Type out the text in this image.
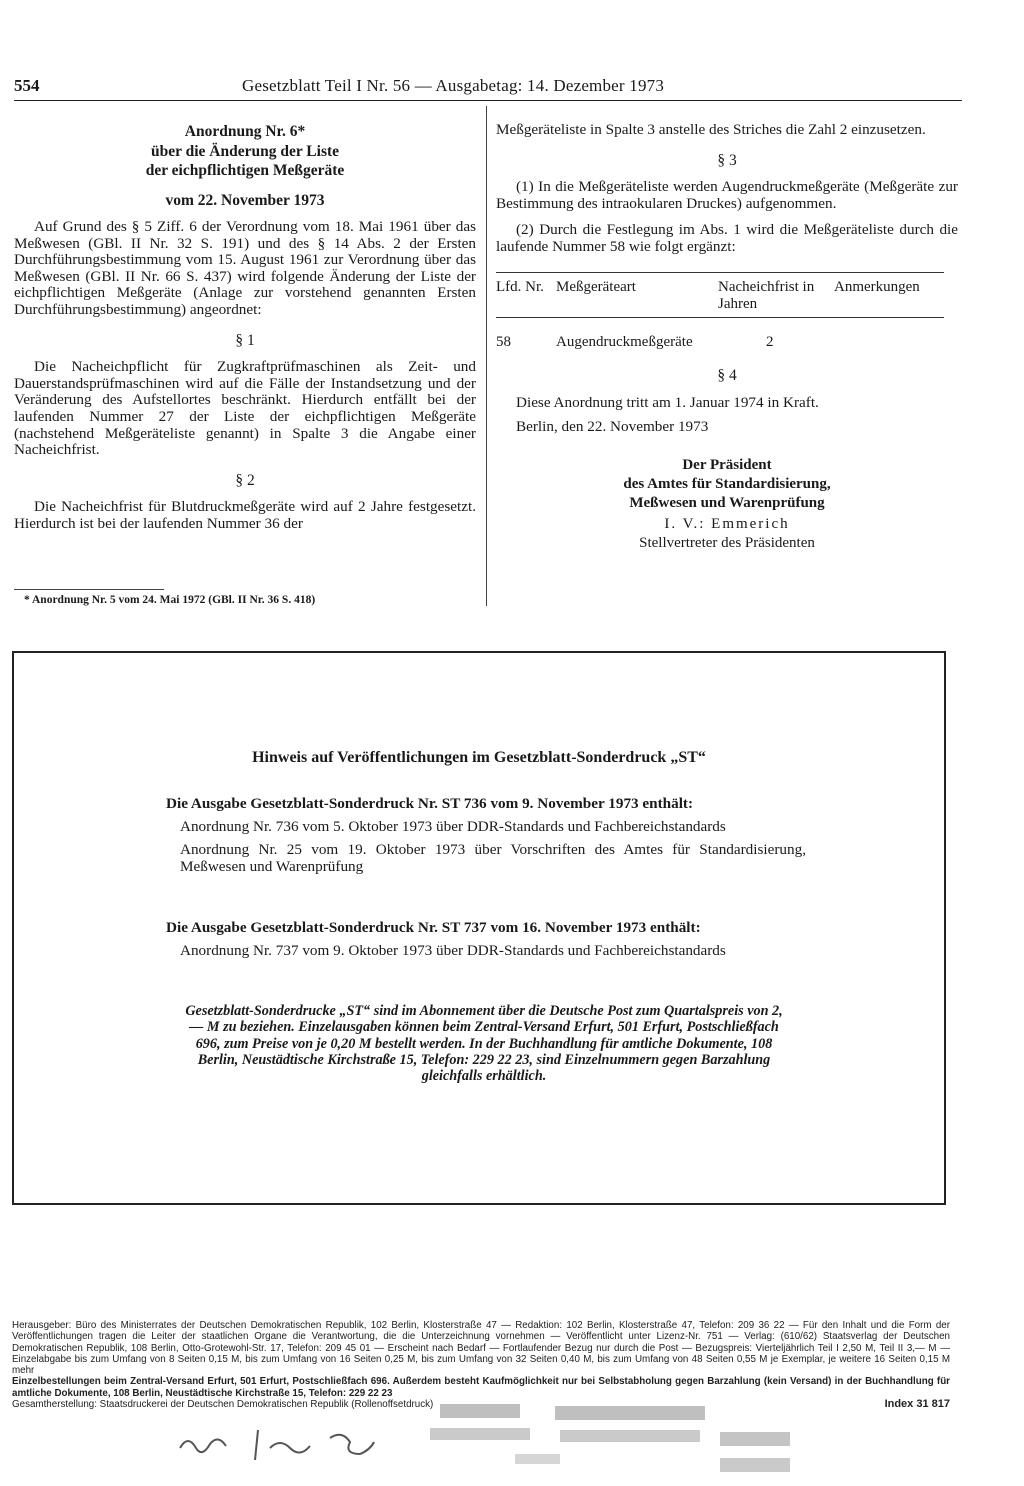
554	Gesetzblatt Teil I Nr. 56 — Ausgabetag: 14. Dezember 1973
Anordnung Nr. 6*
über die Änderung der Liste
der eichpflichtigen Meßgeräte
vom 22. November 1973

Auf Grund des § 5 Ziff. 6 der Verordnung vom 18. Mai 1961 über das Meßwesen (GBl. II Nr. 32 S. 191) und des § 14 Abs. 2 der Ersten Durchführungsbestimmung vom 15. August 1961 zur Verordnung über das Meßwesen (GBl. II Nr. 66 S. 437) wird folgende Änderung der Liste der eichpflichtigen Meßgeräte (Anlage zur vorstehend genannten Ersten Durchführungsbestimmung) angeordnet:

§ 1

Die Nacheichpflicht für Zugkraftprüfmaschinen als Zeit- und Dauerstandsprüfmaschinen wird auf die Fälle der Instandsetzung und der Veränderung des Aufstellortes beschränkt. Hierdurch entfällt bei der laufenden Nummer 27 der Liste der eichpflichtigen Meßgeräte (nachstehend Meßgeräteliste genannt) in Spalte 3 die Angabe einer Nacheichfrist.

§ 2

Die Nacheichfrist für Blutdruckmeßgeräte wird auf 2 Jahre festgesetzt. Hierdurch ist bei der laufenden Nummer 36 der

* Anordnung Nr. 5 vom 24. Mai 1972 (GBl. II Nr. 36 S. 418)

Meßgeräteliste in Spalte 3 anstelle des Striches die Zahl 2 einzusetzen.

§ 3

(1) In die Meßgeräteliste werden Augendruckmeßgeräte (Meßgeräte zur Bestimmung des intraokularen Druckes) aufgenommen.

(2) Durch die Festlegung im Abs. 1 wird die Meßgeräteliste durch die laufende Nummer 58 wie folgt ergänzt:

Lfd. Nr.	Meßgeräteart	Nacheichfrist in Jahren	Anmerkungen
58	Augendruckmeßgeräte	2	
§ 4

Diese Anordnung tritt am 1. Januar 1974 in Kraft.

Berlin, den 22. November 1973

Der Präsident
des Amtes für Standardisierung,
Meßwesen und Warenprüfung
I. V.: Emmerich
Stellvertreter des Präsidenten
Hinweis auf Veröffentlichungen im Gesetzblatt-Sonderdruck „ST“
Die Ausgabe Gesetzblatt-Sonderdruck Nr. ST 736 vom 9. November 1973 enthält:
Anordnung Nr. 736 vom 5. Oktober 1973 über DDR-Standards und Fachbereichstandards
Anordnung Nr. 25 vom 19. Oktober 1973 über Vorschriften des Amtes für Standardisierung, Meßwesen und Warenprüfung
Die Ausgabe Gesetzblatt-Sonderdruck Nr. ST 737 vom 16. November 1973 enthält:
Anordnung Nr. 737 vom 9. Oktober 1973 über DDR-Standards und Fachbereichstandards
Gesetzblatt-Sonderdrucke „ST“ sind im Abonnement über die Deutsche Post zum Quartalspreis von 2,— M zu beziehen. Einzelausgaben können beim Zentral-Versand Erfurt, 501 Erfurt, Postschließfach 696, zum Preise von je 0,20 M bestellt werden. In der Buchhandlung für amtliche Dokumente, 108 Berlin, Neustädtische Kirchstraße 15, Telefon: 229 22 23, sind Einzelnummern gegen Barzahlung gleichfalls erhältlich.

Herausgeber: Büro des Ministerrates der Deutschen Demokratischen Republik, 102 Berlin, Klosterstraße 47 — Redaktion: 102 Berlin, Klosterstraße 47, Telefon: 209 36 22 — Für den Inhalt und die Form der Veröffentlichungen tragen die Leiter der staatlichen Organe die Verantwortung, die die Unterzeichnung vornehmen — Veröffentlicht unter Lizenz-Nr. 751 — Verlag: (610/62) Staatsverlag der Deutschen Demokratischen Republik, 108 Berlin, Otto-Grotewohl-Str. 17, Telefon: 209 45 01 — Erscheint nach Bedarf — Fortlaufender Bezug nur durch die Post — Bezugspreis: Vierteljährlich Teil I 2,50 M, Teil II 3,— M — Einzelabgabe bis zum Umfang von 8 Seiten 0,15 M, bis zum Umfang von 16 Seiten 0,25 M, bis zum Umfang von 32 Seiten 0,40 M, bis zum Umfang von 48 Seiten 0,55 M je Exemplar, je weitere 16 Seiten 0,15 M mehr

Einzelbestellungen beim Zentral-Versand Erfurt, 501 Erfurt, Postschließfach 696. Außerdem besteht Kaufmöglichkeit nur bei Selbstabholung gegen Barzahlung (kein Versand) in der Buchhandlung für amtliche Dokumente, 108 Berlin, Neustädtische Kirchstraße 15, Telefon: 229 22 23

Gesamtherstellung: Staatsdruckerei der Deutschen Demokratischen Republik (Rollenoffsetdruck)	Index 31 817
